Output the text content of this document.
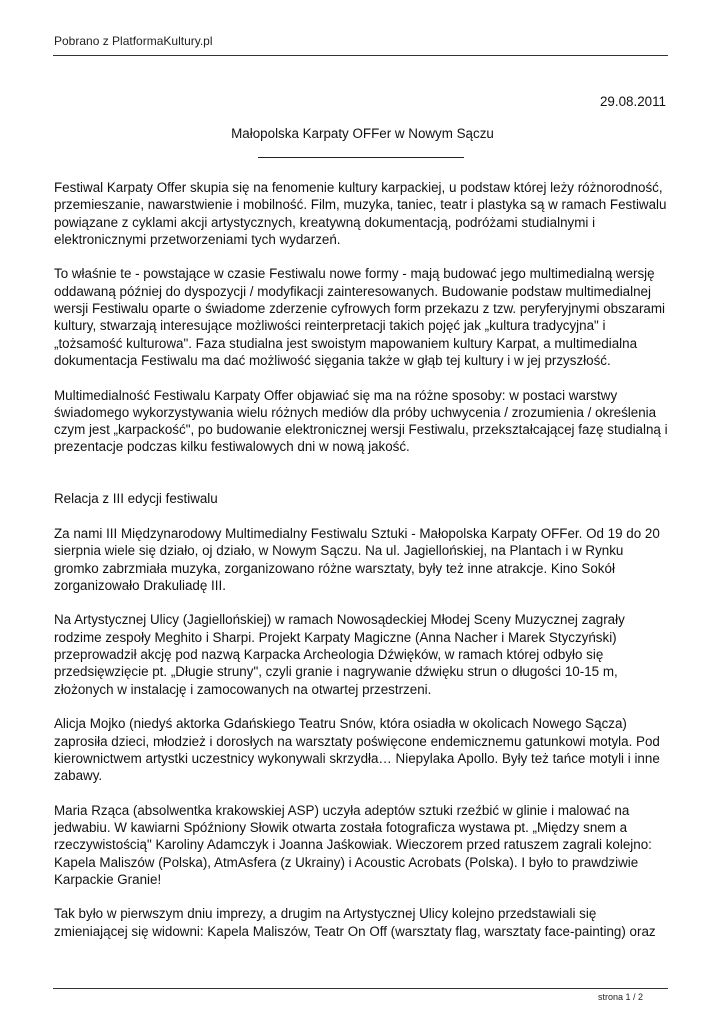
Pobrano z PlatformaKultury.pl
29.08.2011
Małopolska Karpaty OFFer w Nowym Sączu

Festiwal Karpaty Offer skupia się na fenomenie kultury karpackiej, u podstaw której leży różnorodność, przemieszanie, nawarstwienie i mobilność. Film, muzyka, taniec, teatr i plastyka są w ramach Festiwalu powiązane z cyklami akcji artystycznych, kreatywną dokumentacją, podróżami studialnymi i elektronicznymi przetworzeniami tych wydarzeń.

To właśnie te - powstające w czasie Festiwalu nowe formy - mają budować jego multimedialną wersję oddawaną później do dyspozycji / modyfikacji zainteresowanych. Budowanie podstaw multimedialnej wersji Festiwalu oparte o świadome zderzenie cyfrowych form przekazu z tzw. peryferyjnymi obszarami kultury, stwarzają interesujące możliwości reinterpretacji takich pojęć jak „kultura tradycyjna" i „tożsamość kulturowa". Faza studialna jest swoistym mapowaniem kultury Karpat, a multimedialna dokumentacja Festiwalu ma dać możliwość sięgania także w głąb tej kultury i w jej przyszłość.

Multimedialność Festiwalu Karpaty Offer objawiać się ma na różne sposoby: w postaci warstwy świadomego wykorzystywania wielu różnych mediów dla próby uchwycenia / zrozumienia / określenia czym jest „karpackość", po budowanie elektronicznej wersji Festiwalu, przekształcającej fazę studialną i prezentacje podczas kilku festiwalowych dni w nową jakość.

Relacja z III edycji festiwalu

Za nami III Międzynarodowy Multimedialny Festiwalu Sztuki - Małopolska Karpaty OFFer. Od 19 do 20 sierpnia wiele się działo, oj działo, w Nowym Sączu. Na ul. Jagiellońskiej, na Plantach i w Rynku gromko zabrzmiała muzyka, zorganizowano różne warsztaty, były też inne atrakcje. Kino Sokół zorganizowało Drakuliadę III.

Na Artystycznej Ulicy (Jagiellońskiej) w ramach Nowosądeckiej Młodej Sceny Muzycznej zagrały rodzime zespoły Meghito i Sharpi. Projekt Karpaty Magiczne (Anna Nacher i Marek Styczyński) przeprowadził akcję pod nazwą Karpacka Archeologia Dźwięków, w ramach której odbyło się przedsięwzięcie pt. „Długie struny", czyli granie i nagrywanie dźwięku strun o długości 10-15 m, złożonych w instalację i zamocowanych na otwartej przestrzeni.

Alicja Mojko (niedyś aktorka Gdańskiego Teatru Snów, która osiadła w okolicach Nowego Sącza) zaprosiła dzieci, młodzież i dorosłych na warsztaty poświęcone endemicznemu gatunkowi motyla. Pod kierownictwem artystki uczestnicy wykonywali skrzydła… Niepylaka Apollo. Były też tańce motyli i inne zabawy.

Maria Rząca (absolwentka krakowskiej ASP) uczyła adeptów sztuki rzeźbić w glinie i malować na jedwabiu. W kawiarni Spóźniony Słowik otwarta została fotograficza wystawa pt. „Między snem a rzeczywistością" Karoliny Adamczyk i Joanna Jaśkowiak. Wieczorem przed ratuszem zagrali kolejno: Kapela Maliszów (Polska), AtmAsfera (z Ukrainy) i Acoustic Acrobats (Polska). I było to prawdziwie Karpackie Granie!

Tak było w pierwszym dniu imprezy, a drugim na Artystycznej Ulicy kolejno przedstawiali się zmieniającej się widowni: Kapela Maliszów, Teatr On Off (warsztaty flag, warsztaty face-painting) oraz

strona 1 / 2
